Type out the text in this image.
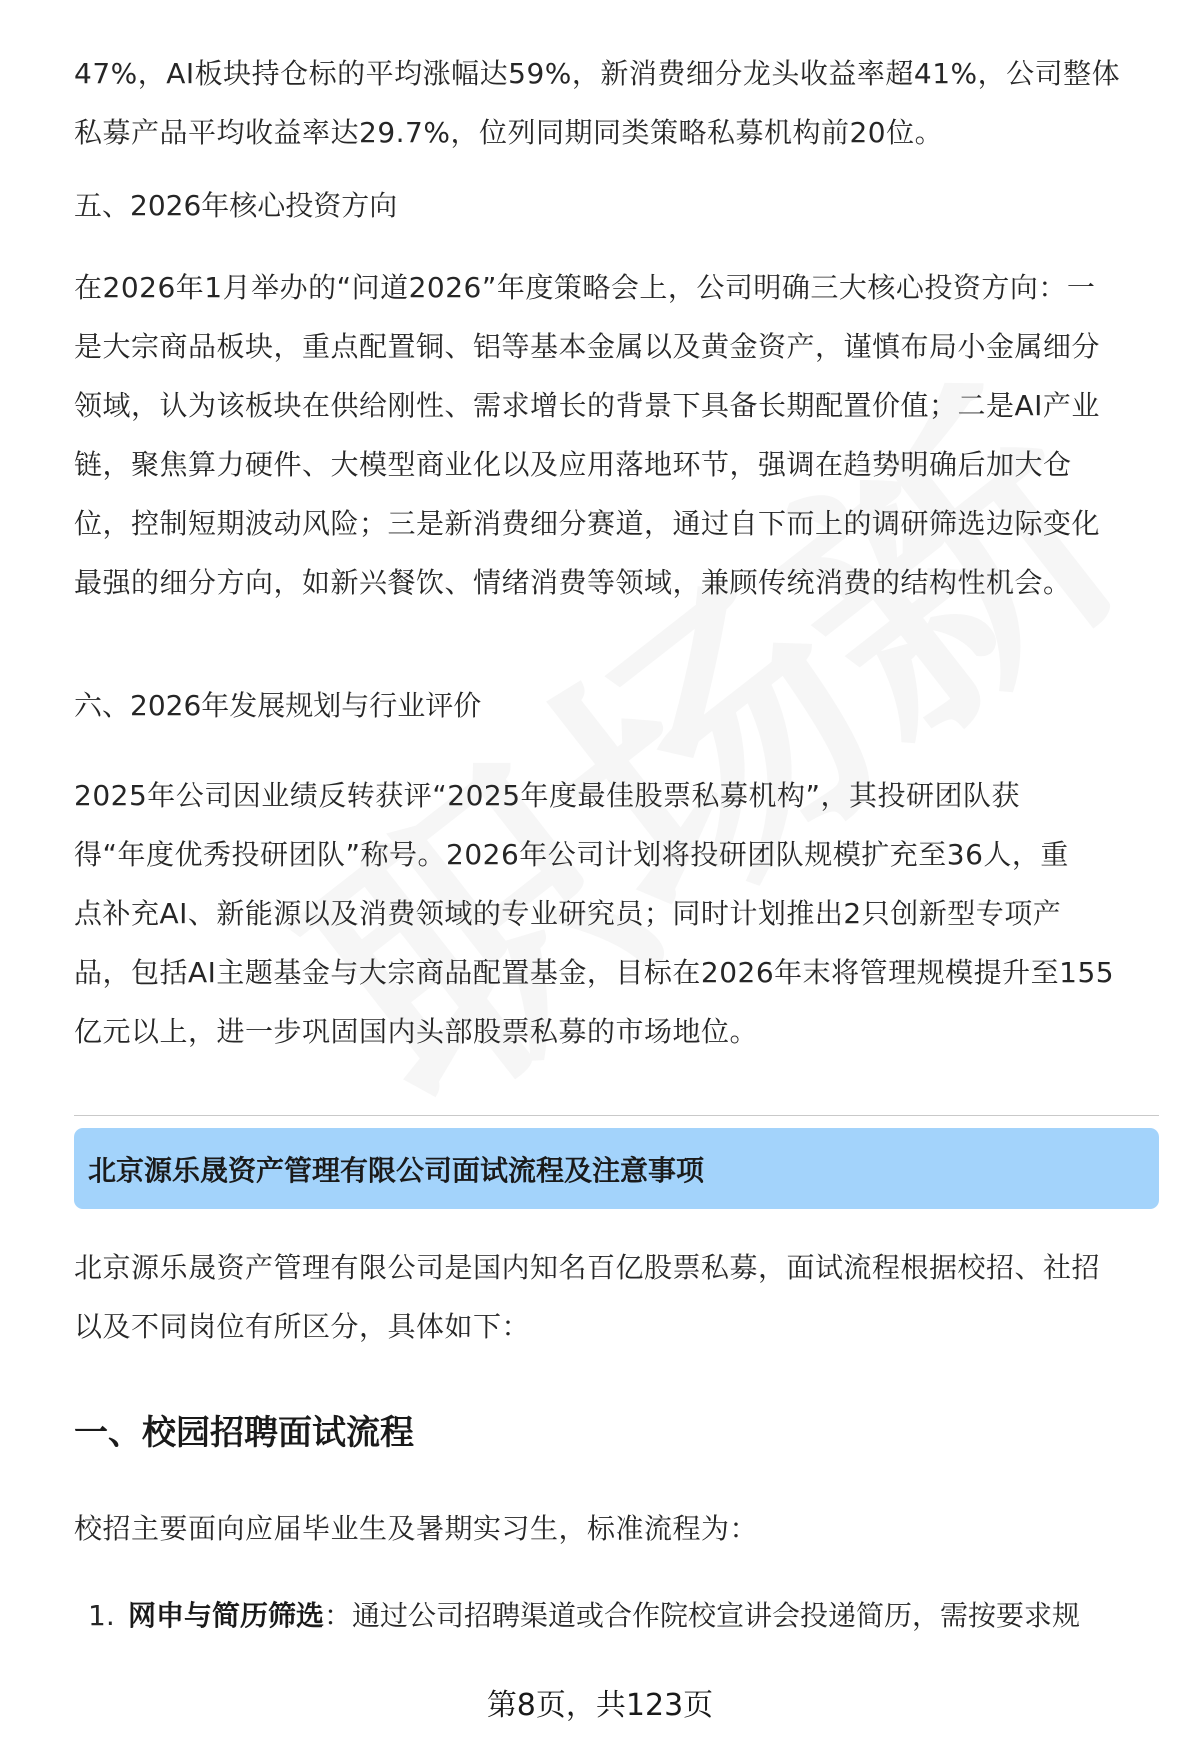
47%，AI板块持仓标的平均涨幅达59%，新消费细分龙头收益率超41%，公司整体
私募产品平均收益率达29.7%，位列同期同类策略私募机构前20位。

五、2026年核心投资方向

在2026年1月举办的“问道2026”年度策略会上，公司明确三大核心投资方向：一
是大宗商品板块，重点配置铜、铝等基本金属以及黄金资产，谨慎布局小金属细分
领域，认为该板块在供给刚性、需求增长的背景下具备长期配置价值；二是AI产业
链，聚焦算力硬件、大模型商业化以及应用落地环节，强调在趋势明确后加大仓
位，控制短期波动风险；三是新消费细分赛道，通过自下而上的调研筛选边际变化
最强的细分方向，如新兴餐饮、情绪消费等领域，兼顾传统消费的结构性机会。

六、2026年发展规划与行业评价

2025年公司因业绩反转获评“2025年度最佳股票私募机构”，其投研团队获
得“年度优秀投研团队”称号。2026年公司计划将投研团队规模扩充至36人，重
点补充AI、新能源以及消费领域的专业研究员；同时计划推出2只创新型专项产
品，包括AI主题基金与大宗商品配置基金，目标在2026年末将管理规模提升至155
亿元以上，进一步巩固国内头部股票私募的市场地位。

北京源乐晟资产管理有限公司面试流程及注意事项

北京源乐晟资产管理有限公司是国内知名百亿股票私募，面试流程根据校招、社招
以及不同岗位有所区分，具体如下：

一、校园招聘面试流程

校招主要面向应届毕业生及暑期实习生，标准流程为：

1. 网申与简历筛选：通过公司招聘渠道或合作院校宣讲会投递简历，需按要求规
第8页，共123页
